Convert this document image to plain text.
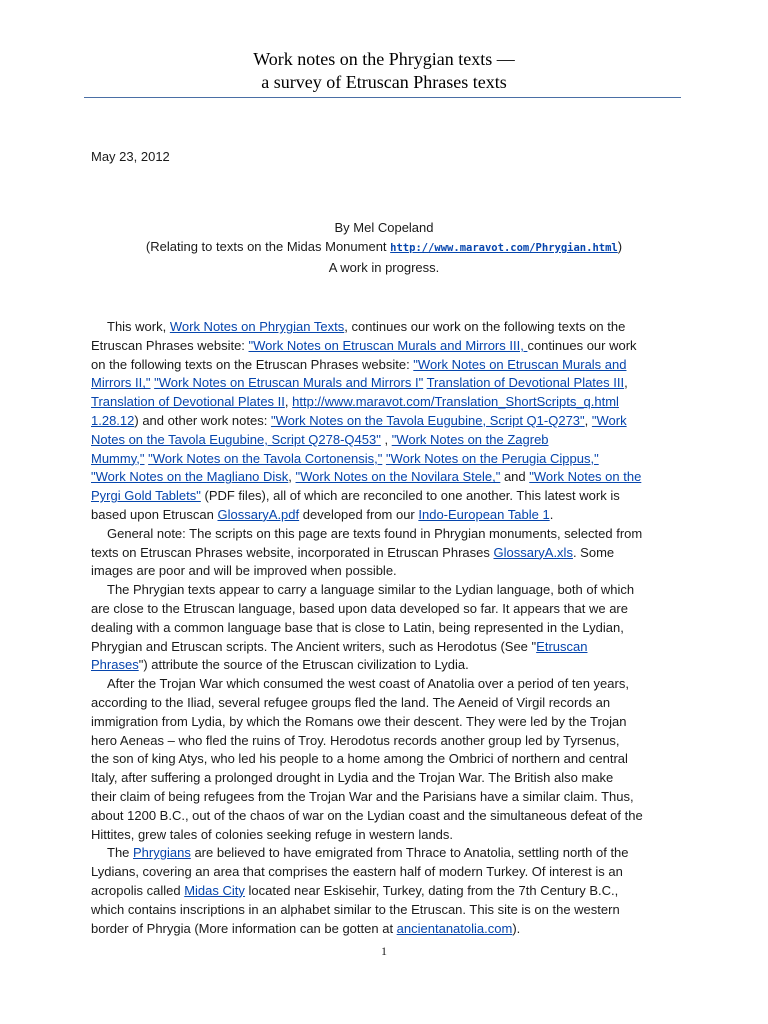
Work notes on the Phrygian texts —
a survey of Etruscan Phrases texts
May 23, 2012
By Mel Copeland
(Relating to texts on the Midas Monument http://www.maravot.com/Phrygian.html)
A work in progress.
This work, Work Notes on Phrygian Texts, continues our work on the following texts on the
Etruscan Phrases website: "Work Notes on Etruscan Murals and Mirrors III, continues our work
on the following texts on the Etruscan Phrases website: "Work Notes on Etruscan Murals and
Mirrors II," "Work Notes on Etruscan Murals and Mirrors I" Translation of Devotional Plates III,
Translation of Devotional Plates II, http://www.maravot.com/Translation_ShortScripts_q.html
1.28.12) and other work notes: "Work Notes on the Tavola Eugubine, Script Q1-Q273", "Work
Notes on the Tavola Eugubine, Script Q278-Q453" , "Work Notes on the Zagreb
Mummy," "Work Notes on the Tavola Cortonensis," "Work Notes on the Perugia Cippus,"
"Work Notes on the Magliano Disk, "Work Notes on the Novilara Stele," and "Work Notes on the
Pyrgi Gold Tablets" (PDF files), all of which are reconciled to one another. This latest work is
based upon Etruscan GlossaryA.pdf developed from our Indo-European Table 1.
General note: The scripts on this page are texts found in Phrygian monuments, selected from
texts on Etruscan Phrases website, incorporated in Etruscan Phrases GlossaryA.xls. Some
images are poor and will be improved when possible.
The Phrygian texts appear to carry a language similar to the Lydian language, both of which
are close to the Etruscan language, based upon data developed so far. It appears that we are
dealing with a common language base that is close to Latin, being represented in the Lydian,
Phrygian and Etruscan scripts. The Ancient writers, such as Herodotus (See "Etruscan
Phrases") attribute the source of the Etruscan civilization to Lydia.
After the Trojan War which consumed the west coast of Anatolia over a period of ten years,
according to the Iliad, several refugee groups fled the land. The Aeneid of Virgil records an
immigration from Lydia, by which the Romans owe their descent. They were led by the Trojan
hero Aeneas – who fled the ruins of Troy. Herodotus records another group led by Tyrsenus,
the son of king Atys, who led his people to a home among the Ombrici of northern and central
Italy, after suffering a prolonged drought in Lydia and the Trojan War. The British also make
their claim of being refugees from the Trojan War and the Parisians have a similar claim. Thus,
about 1200 B.C., out of the chaos of war on the Lydian coast and the simultaneous defeat of the
Hittites, grew tales of colonies seeking refuge in western lands.
The Phrygians are believed to have emigrated from Thrace to Anatolia, settling north of the
Lydians, covering an area that comprises the eastern half of modern Turkey. Of interest is an
acropolis called Midas City located near Eskisehir, Turkey, dating from the 7th Century B.C.,
which contains inscriptions in an alphabet similar to the Etruscan. This site is on the western
border of Phrygia (More information can be gotten at ancientanatolia.com).
1
